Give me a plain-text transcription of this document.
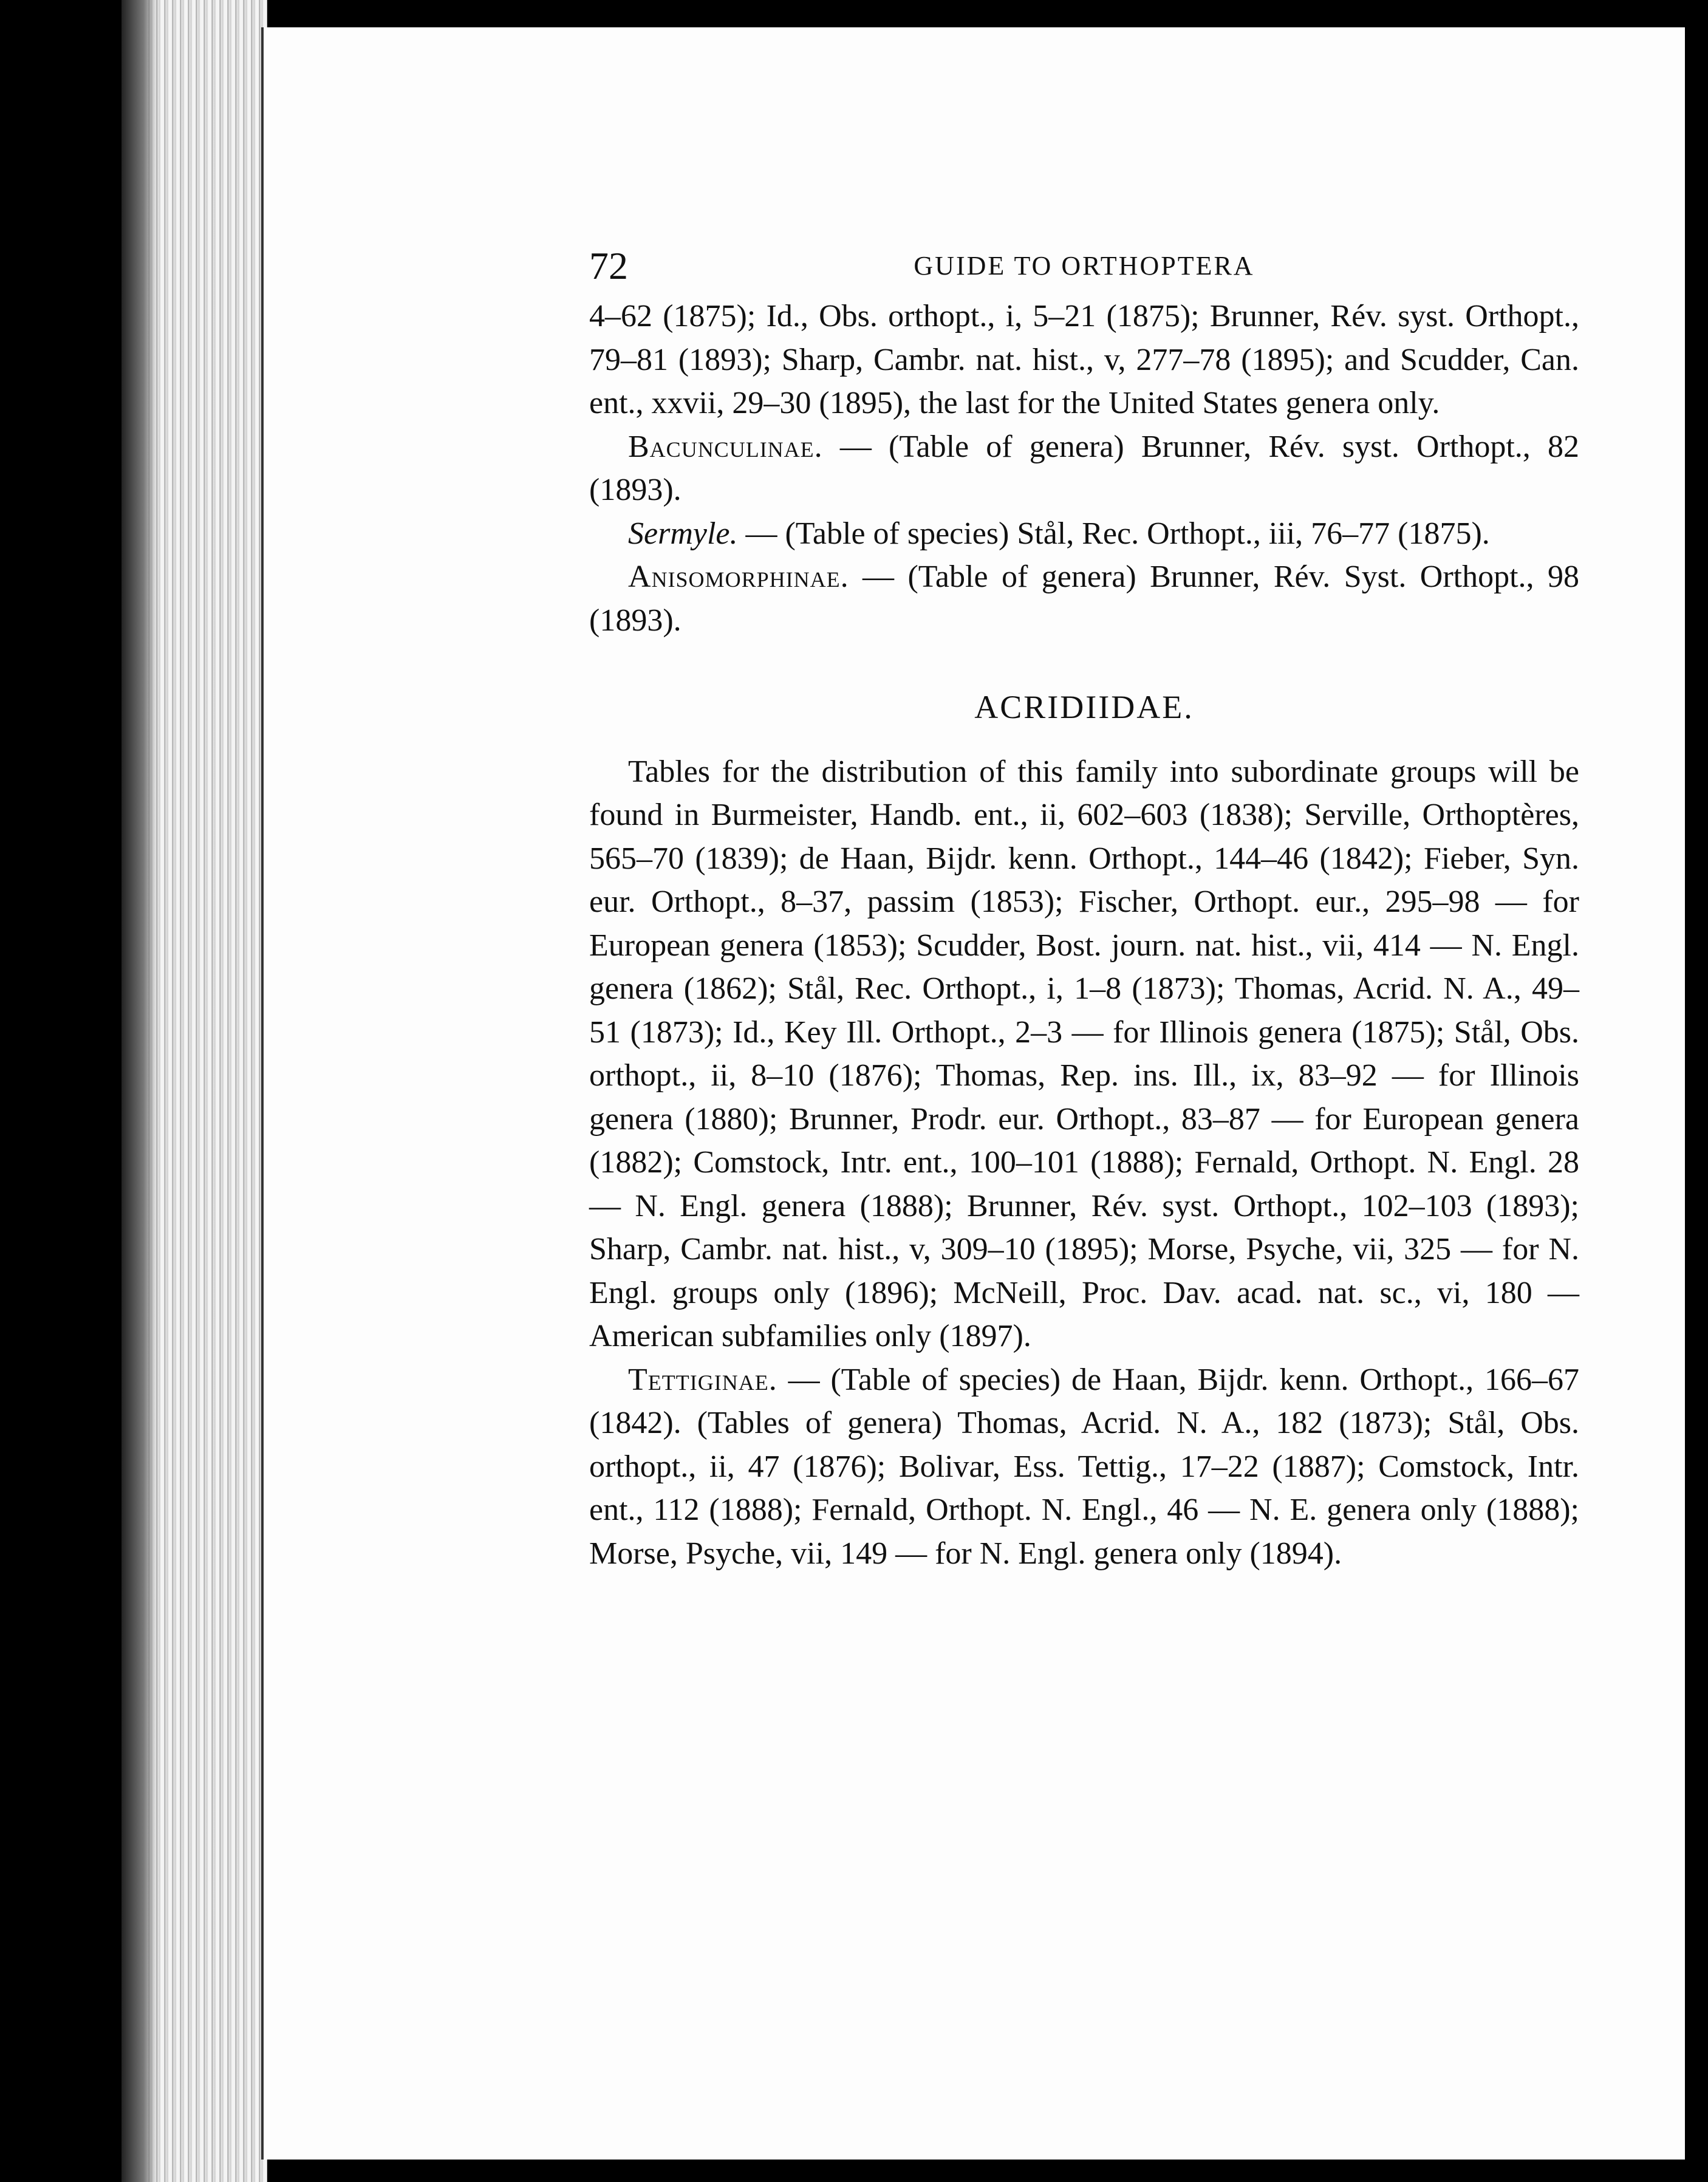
72	GUIDE TO ORTHOPTERA

4–62 (1875); Id., Obs. orthopt., i, 5–21 (1875); Brunner, Rév. syst. Orthopt., 79–81 (1893); Sharp, Cambr. nat. hist., v, 277–78 (1895); and Scudder, Can. ent., xxvii, 29–30 (1895), the last for the United States genera only.

Bacunculinae. — (Table of genera) Brunner, Rév. syst. Orthopt., 82 (1893).

Sermyle. — (Table of species) Stål, Rec. Orthopt., iii, 76–77 (1875).

Anisomorphinae. — (Table of genera) Brunner, Rév. Syst. Orthopt., 98 (1893).

ACRIDIIDAE.

Tables for the distribution of this family into subordinate groups will be found in Burmeister, Handb. ent., ii, 602–603 (1838); Serville, Orthoptères, 565–70 (1839); de Haan, Bijdr. kenn. Orthopt., 144–46 (1842); Fieber, Syn. eur. Orthopt., 8–37, passim (1853); Fischer, Orthopt. eur., 295–98 — for European genera (1853); Scudder, Bost. journ. nat. hist., vii, 414 — N. Engl. genera (1862); Stål, Rec. Orthopt., i, 1–8 (1873); Thomas, Acrid. N. A., 49–51 (1873); Id., Key Ill. Orthopt., 2–3 — for Illinois genera (1875); Stål, Obs. orthopt., ii, 8–10 (1876); Thomas, Rep. ins. Ill., ix, 83–92 — for Illinois genera (1880); Brunner, Prodr. eur. Orthopt., 83–87 — for European genera (1882); Comstock, Intr. ent., 100–101 (1888); Fernald, Orthopt. N. Engl. 28 — N. Engl. genera (1888); Brunner, Rév. syst. Orthopt., 102–103 (1893); Sharp, Cambr. nat. hist., v, 309–10 (1895); Morse, Psyche, vii, 325 — for N. Engl. groups only (1896); McNeill, Proc. Dav. acad. nat. sc., vi, 180 — American subfamilies only (1897).

Tettiginae. — (Table of species) de Haan, Bijdr. kenn. Orthopt., 166–67 (1842). (Tables of genera) Thomas, Acrid. N. A., 182 (1873); Stål, Obs. orthopt., ii, 47 (1876); Bolivar, Ess. Tettig., 17–22 (1887); Comstock, Intr. ent., 112 (1888); Fernald, Orthopt. N. Engl., 46 — N. E. genera only (1888); Morse, Psyche, vii, 149 — for N. Engl. genera only (1894).
